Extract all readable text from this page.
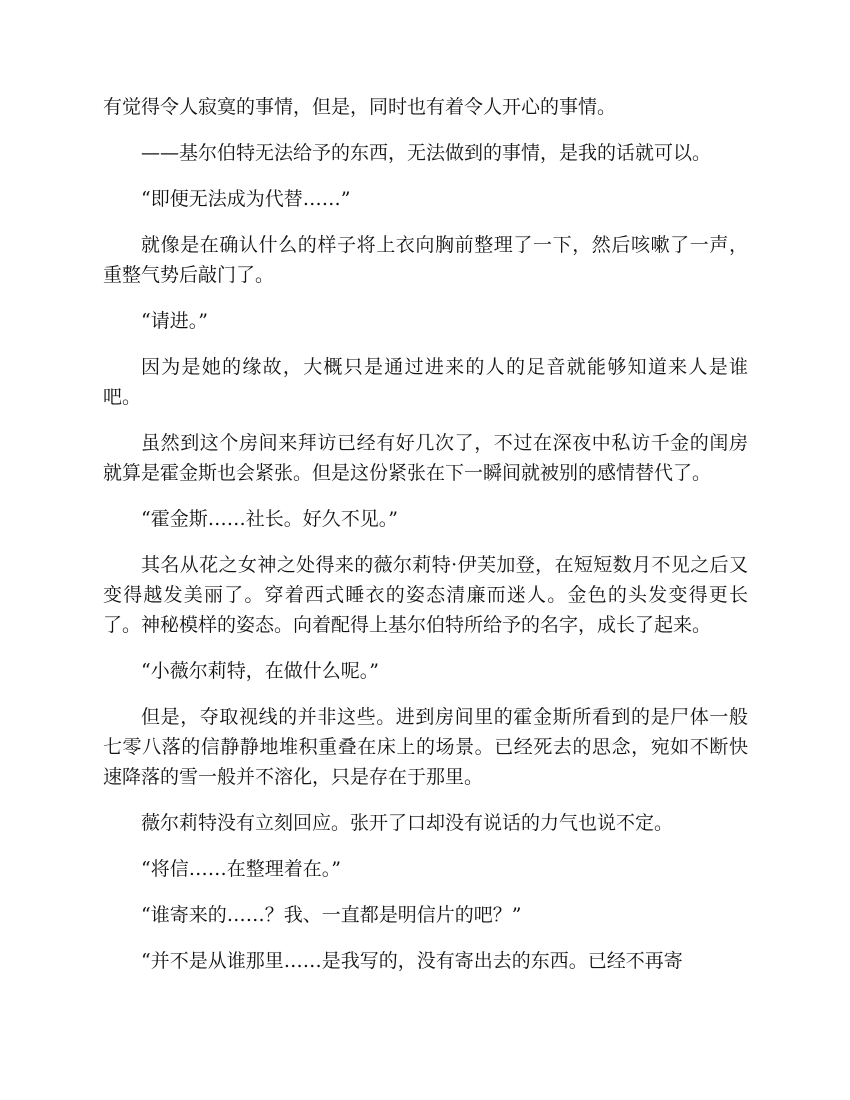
有觉得令人寂寞的事情，但是，同时也有着令人开心的事情。

——基尔伯特无法给予的东西，无法做到的事情，是我的话就可以。

“即便无法成为代替……”

就像是在确认什么的样子将上衣向胸前整理了一下，然后咳嗽了一声，重整气势后敲门了。

“请进。”

因为是她的缘故，大概只是通过进来的人的足音就能够知道来人是谁吧。

虽然到这个房间来拜访已经有好几次了，不过在深夜中私访千金的闺房就算是霍金斯也会紧张。但是这份紧张在下一瞬间就被别的感情替代了。

“霍金斯……社长。好久不见。”

其名从花之女神之处得来的薇尔莉特·伊芙加登，在短短数月不见之后又变得越发美丽了。穿着西式睡衣的姿态清廉而迷人。金色的头发变得更长了。神秘模样的姿态。向着配得上基尔伯特所给予的名字，成长了起来。

“小薇尔莉特，在做什么呢。”

但是，夺取视线的并非这些。进到房间里的霍金斯所看到的是尸体一般七零八落的信静静地堆积重叠在床上的场景。已经死去的思念，宛如不断快速降落的雪一般并不溶化，只是存在于那里。

薇尔莉特没有立刻回应。张开了口却没有说话的力气也说不定。

“将信……在整理着在。”

“谁寄来的……？我、一直都是明信片的吧？”

“并不是从谁那里……是我写的，没有寄出去的东西。已经不再寄
